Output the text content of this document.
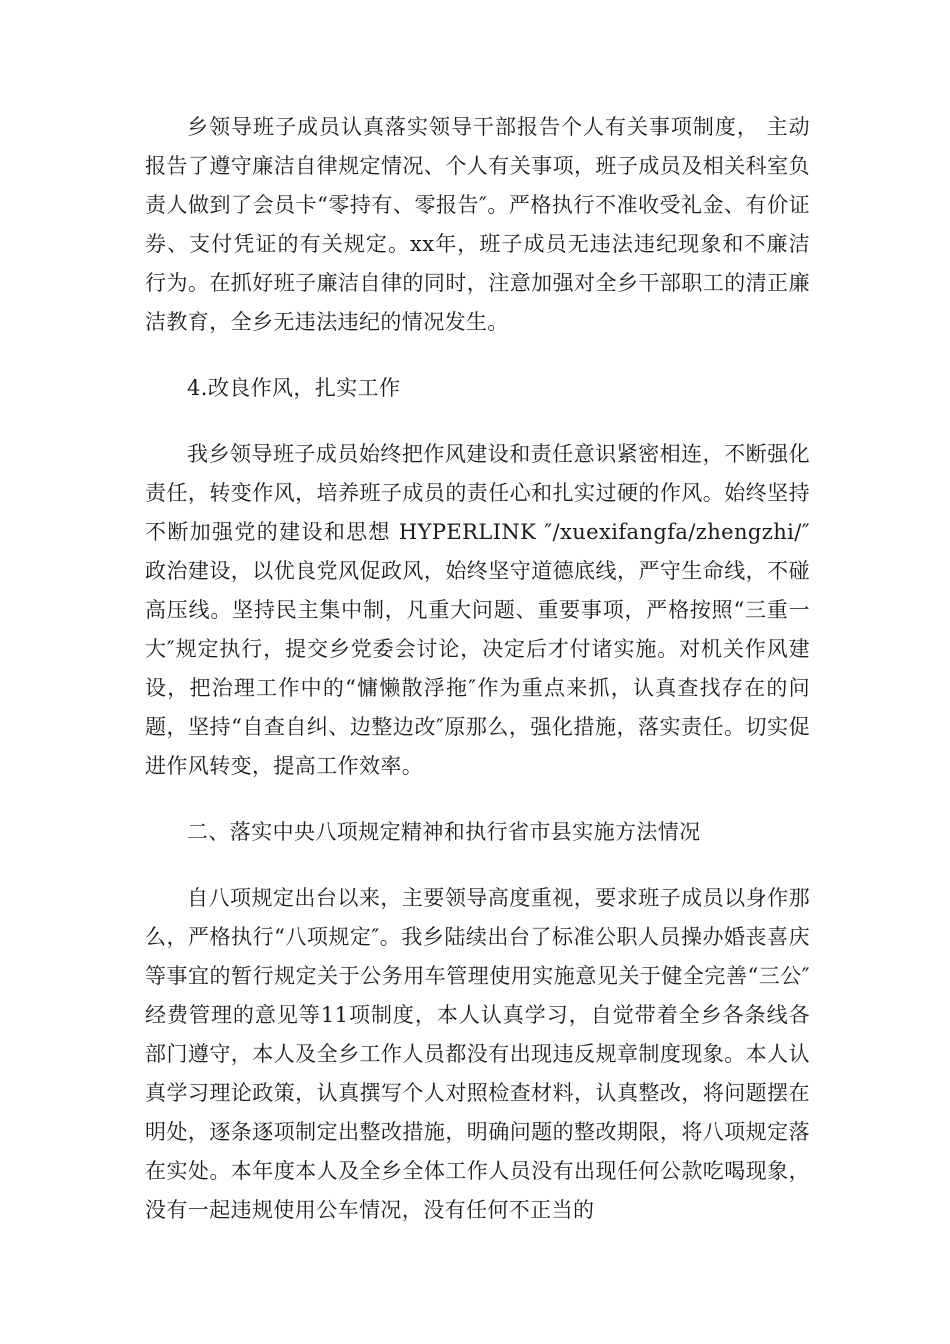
乡领导班子成员认真落实领导干部报告个人有关事项制度， 主动报告了遵守廉洁自律规定情况、个人有关事项，班子成员及相关科室负责人做到了会员卡“零持有、零报告″。严格执行不准收受礼金、有价证券、支付凭证的有关规定。xx年，班子成员无违法违纪现象和不廉洁行为。在抓好班子廉洁自律的同时，注意加强对全乡干部职工的清正廉洁教育，全乡无违法违纪的情况发生。

4.改良作风，扎实工作

我乡领导班子成员始终把作风建设和责任意识紧密相连，不断强化责任，转变作风，培养班子成员的责任心和扎实过硬的作风。始终坚持不断加强党的建设和思想 HYPERLINK ″/xuexifangfa/zhengzhi/″ 政治建设，以优良党风促政风，始终坚守道德底线，严守生命线，不碰高压线。坚持民主集中制，凡重大问题、重要事项，严格按照“三重一大″规定执行，提交乡党委会讨论，决定后才付诸实施。对机关作风建设，把治理工作中的“慵懒散浮拖″作为重点来抓，认真查找存在的问题，坚持“自查自纠、边整边改″原那么，强化措施，落实责任。切实促进作风转变，提高工作效率。

二、落实中央八项规定精神和执行省市县实施方法情况

自八项规定出台以来，主要领导高度重视，要求班子成员以身作那么，严格执行“八项规定″。我乡陆续出台了标准公职人员操办婚丧喜庆等事宜的暂行规定关于公务用车管理使用实施意见关于健全完善“三公″经费管理的意见等11项制度，本人认真学习，自觉带着全乡各条线各部门遵守，本人及全乡工作人员都没有出现违反规章制度现象。本人认真学习理论政策，认真撰写个人对照检查材料，认真整改，将问题摆在明处，逐条逐项制定出整改措施，明确问题的整改期限，将八项规定落在实处。本年度本人及全乡全体工作人员没有出现任何公款吃喝现象，没有一起违规使用公车情况，没有任何不正当的
